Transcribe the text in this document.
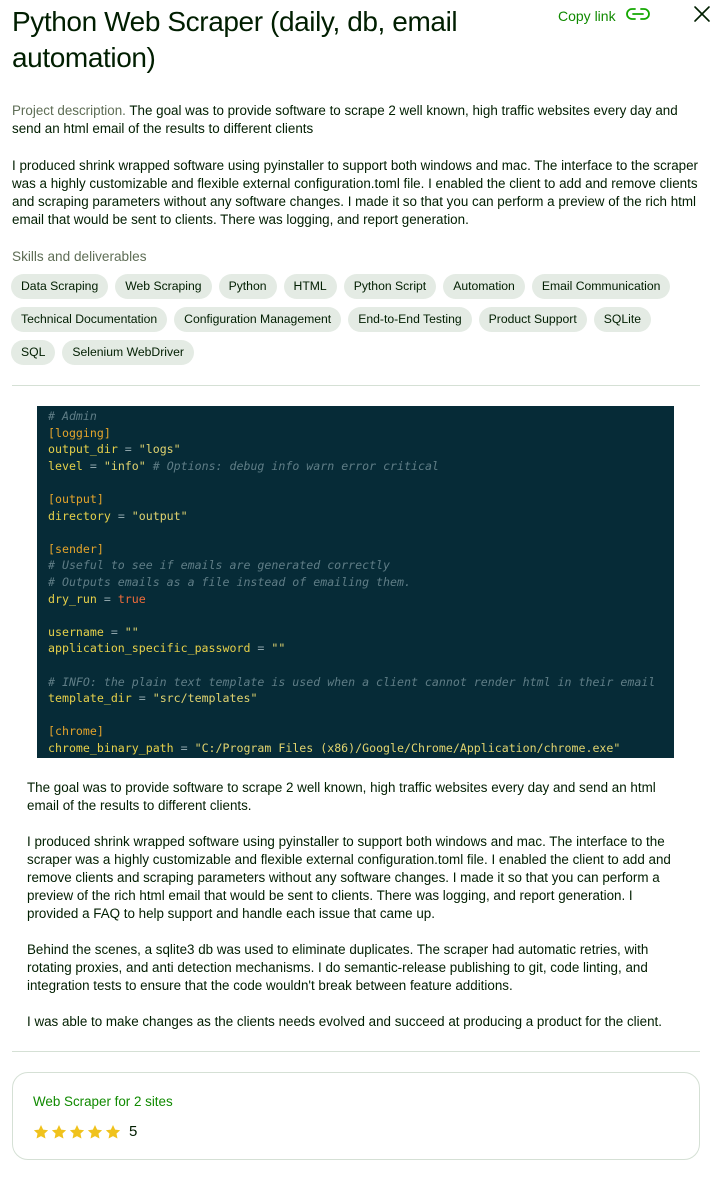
Python Web Scraper (daily, db, email automation)
Copy link

Project description. The goal was to provide software to scrape 2 well known, high traffic websites every day and send an html email of the results to different clients

I produced shrink wrapped software using pyinstaller to support both windows and mac. The interface to the scraper was a highly customizable and flexible external configuration.toml file. I enabled the client to add and remove clients and scraping parameters without any software changes. I made it so that you can perform a preview of the rich html email that would be sent to clients. There was logging, and report generation.

Skills and deliverables
Data Scraping	Web Scraping	Python	HTML	Python Script	Automation	Email Communication
Technical Documentation	Configuration Management	End-to-End Testing	Product Support	SQLite
SQL	Selenium WebDriver
# Admin
[logging]
output_dir = "logs"
level = "info" # Options: debug info warn error critical

[output]
directory = "output"

[sender]
# Useful to see if emails are generated correctly
# Outputs emails as a file instead of emailing them.
dry_run = true

username = ""
application_specific_password = ""

# INFO: the plain text template is used when a client cannot render html in their email
template_dir = "src/templates"

[chrome]
chrome_binary_path = "C:/Program Files (x86)/Google/Chrome/Application/chrome.exe"

The goal was to provide software to scrape 2 well known, high traffic websites every day and send an html email of the results to different clients.

I produced shrink wrapped software using pyinstaller to support both windows and mac. The interface to the scraper was a highly customizable and flexible external configuration.toml file. I enabled the client to add and remove clients and scraping parameters without any software changes. I made it so that you can perform a preview of the rich html email that would be sent to clients. There was logging, and report generation. I provided a FAQ to help support and handle each issue that came up.

Behind the scenes, a sqlite3 db was used to eliminate duplicates. The scraper had automatic retries, with rotating proxies, and anti detection mechanisms. I do semantic-release publishing to git, code linting, and integration tests to ensure that the code wouldn't break between feature additions.

I was able to make changes as the clients needs evolved and succeed at producing a product for the client.

Web Scraper for 2 sites
5
